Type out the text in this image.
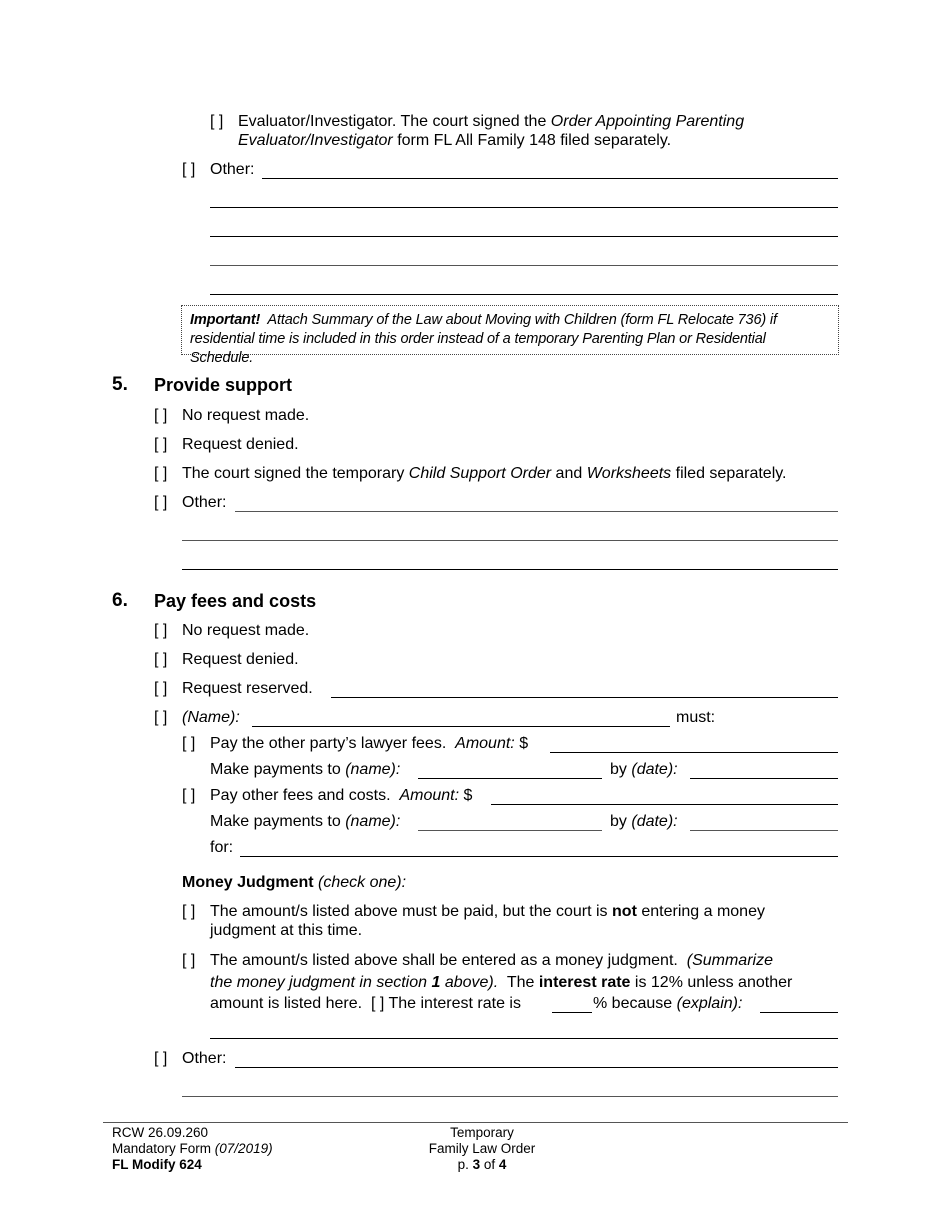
[ ] Evaluator/Investigator. The court signed the Order Appointing Parenting
Evaluator/Investigator form FL All Family 148 filed separately.
[ ] Other:
Important! Attach Summary of the Law about Moving with Children (form FL Relocate 736) if
residential time is included in this order instead of a temporary Parenting Plan or Residential Schedule.
5. Provide support
[ ] No request made.
[ ] Request denied.
[ ] The court signed the temporary Child Support Order and Worksheets filed separately.
[ ] Other:
6. Pay fees and costs
[ ] No request made.
[ ] Request denied.
[ ] Request reserved.
[ ] (Name):	must:
[ ] Pay the other party’s lawyer fees. Amount: $
Make payments to (name):	by (date):
[ ] Pay other fees and costs. Amount: $
Make payments to (name):	by (date):
for:
Money Judgment (check one):
[ ] The amount/s listed above must be paid, but the court is not entering a money
judgment at this time.
[ ] The amount/s listed above shall be entered as a money judgment. (Summarize
the money judgment in section 1 above). The interest rate is 12% unless another
amount is listed here. [ ] The interest rate is	% because (explain):
[ ] Other:
RCW 26.09.260
Mandatory Form (07/2019)
FL Modify 624
Temporary
Family Law Order
p. 3 of 4
